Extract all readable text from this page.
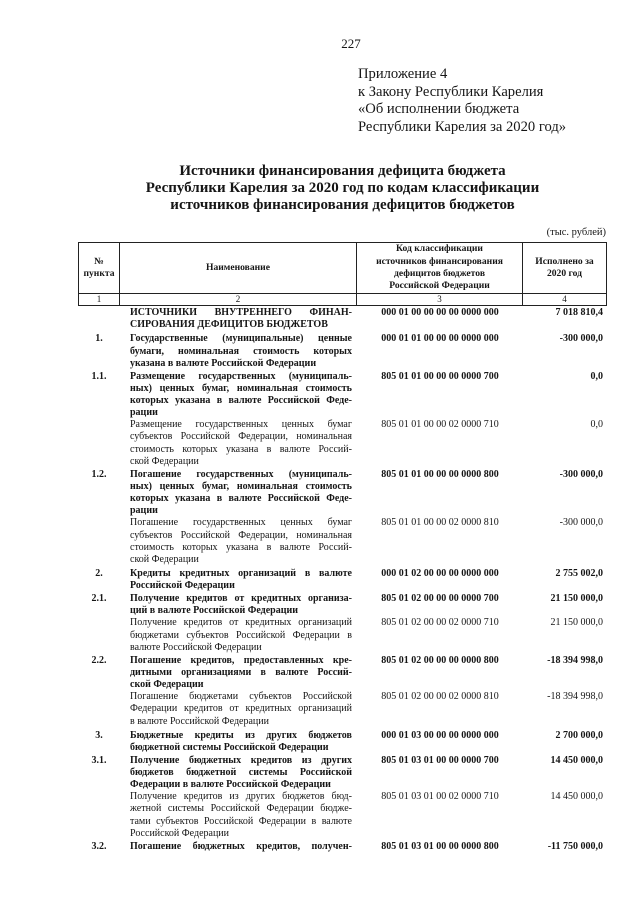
227
Приложение 4
к Закону Республики Карелия
«Об исполнении бюджета
Республики Карелия за 2020 год»
Источники финансирования дефицита бюджета
Республики Карелия за 2020 год по кодам классификации
источников финансирования дефицитов бюджетов
(тыс. рублей)
№
пункта
Наименование
Код классификации
источников финансирования
дефицитов бюджетов
Российской Федерации
Исполнено за
2020 год
1	2	3	4
ИСТОЧНИКИ ВНУТРЕННЕГО ФИНАН-
СИРОВАНИЯ ДЕФИЦИТОВ БЮДЖЕТОВ
000 01 00 00 00 00 0000 000	7 018 810,4
1.	Государственные (муниципальные) ценные
бумаги, номинальная стоимость которых
указана в валюте Российской Федерации
000 01 01 00 00 00 0000 000	-300 000,0
1.1.	Размещение государственных (муниципаль-
ных) ценных бумаг, номинальная стоимость
которых указана в валюте Российской Феде-
рации
805 01 01 00 00 00 0000 700	0,0
Размещение государственных ценных бумаг
субъектов Российской Федерации, номинальная
стоимость которых указана в валюте Россий-
ской Федерации
805 01 01 00 00 02 0000 710	0,0
1.2.	Погашение государственных (муниципаль-
ных) ценных бумаг, номинальная стоимость
которых указана в валюте Российской Феде-
рации
805 01 01 00 00 00 0000 800	-300 000,0
Погашение государственных ценных бумаг
субъектов Российской Федерации, номинальная
стоимость которых указана в валюте Россий-
ской Федерации
805 01 01 00 00 02 0000 810	-300 000,0
2.	Кредиты кредитных организаций в валюте
Российской Федерации
000 01 02 00 00 00 0000 000	2 755 002,0
2.1.	Получение кредитов от кредитных организа-
ций в валюте Российской Федерации
805 01 02 00 00 00 0000 700	21 150 000,0
Получение кредитов от кредитных организаций
бюджетами субъектов Российской Федерации в
валюте Российской Федерации
805 01 02 00 00 02 0000 710	21 150 000,0
2.2.	Погашение кредитов, предоставленных кре-
дитными организациями в валюте Россий-
ской Федерации
805 01 02 00 00 00 0000 800	-18 394 998,0
Погашение бюджетами субъектов Российской
Федерации кредитов от кредитных организаций
в валюте Российской Федерации
805 01 02 00 00 02 0000 810	-18 394 998,0
3.	Бюджетные кредиты из других бюджетов
бюджетной системы Российской Федерации
000 01 03 00 00 00 0000 000	2 700 000,0
3.1.	Получение бюджетных кредитов из других
бюджетов бюджетной системы Российской
Федерации в валюте Российской Федерации
805 01 03 01 00 00 0000 700	14 450 000,0
Получение кредитов из других бюджетов бюд-
жетной системы Российской Федерации бюдже-
тами субъектов Российской Федерации в валюте
Российской Федерации
805 01 03 01 00 02 0000 710	14 450 000,0
3.2.	Погашение бюджетных кредитов, получен-	805 01 03 01 00 00 0000 800	-11 750 000,0
